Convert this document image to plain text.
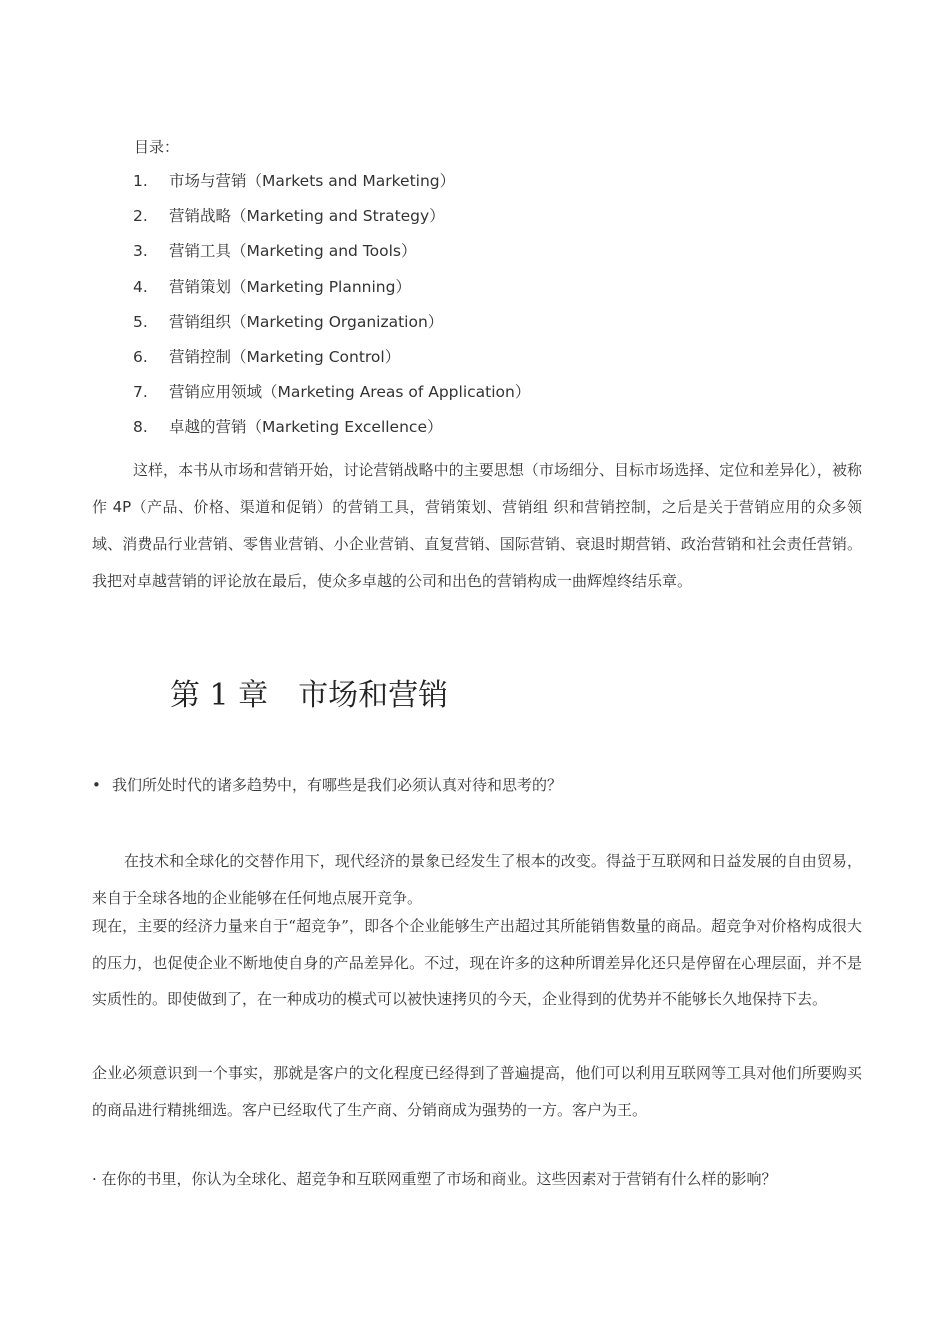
目录：
1. 市场与营销（Markets and Marketing）
2. 营销战略（Marketing and Strategy）
3. 营销工具（Marketing and Tools）
4. 营销策划（Marketing Planning）
5. 营销组织（Marketing Organization）
6. 营销控制（Marketing Control）
7. 营销应用领域（Marketing Areas of Application）
8. 卓越的营销（Marketing Excellence）

这样，本书从市场和营销开始，讨论营销战略中的主要思想（市场细分、目标市场选择、定位和差异化），被称作 4P（产品、价格、渠道和促销）的营销工具，营销策划、营销组 织和营销控制，之后是关于营销应用的众多领域、消费品行业营销、零售业营销、小企业营销、直复营销、国际营销、衰退时期营销、政治营销和社会责任营销。我把对卓越营销的评论放在最后，使众多卓越的公司和出色的营销构成一曲辉煌终结乐章。

第 1 章　市场和营销
• 我们所处时代的诸多趋势中，有哪些是我们必须认真对待和思考的？

在技术和全球化的交替作用下，现代经济的景象已经发生了根本的改变。得益于互联网和日益发展的自由贸易，来自于全球各地的企业能够在任何地点展开竞争。

现在，主要的经济力量来自于“超竞争”，即各个企业能够生产出超过其所能销售数量的商品。超竞争对价格构成很大的压力，也促使企业不断地使自身的产品差异化。不过，现在许多的这种所谓差异化还只是停留在心理层面，并不是实质性的。即使做到了，在一种成功的模式可以被快速拷贝的今天，企业得到的优势并不能够长久地保持下去。

企业必须意识到一个事实，那就是客户的文化程度已经得到了普遍提高，他们可以利用互联网等工具对他们所要购买的商品进行精挑细选。客户已经取代了生产商、分销商成为强势的一方。客户为王。

· 在你的书里，你认为全球化、超竞争和互联网重塑了市场和商业。这些因素对于营销有什么样的影响？
